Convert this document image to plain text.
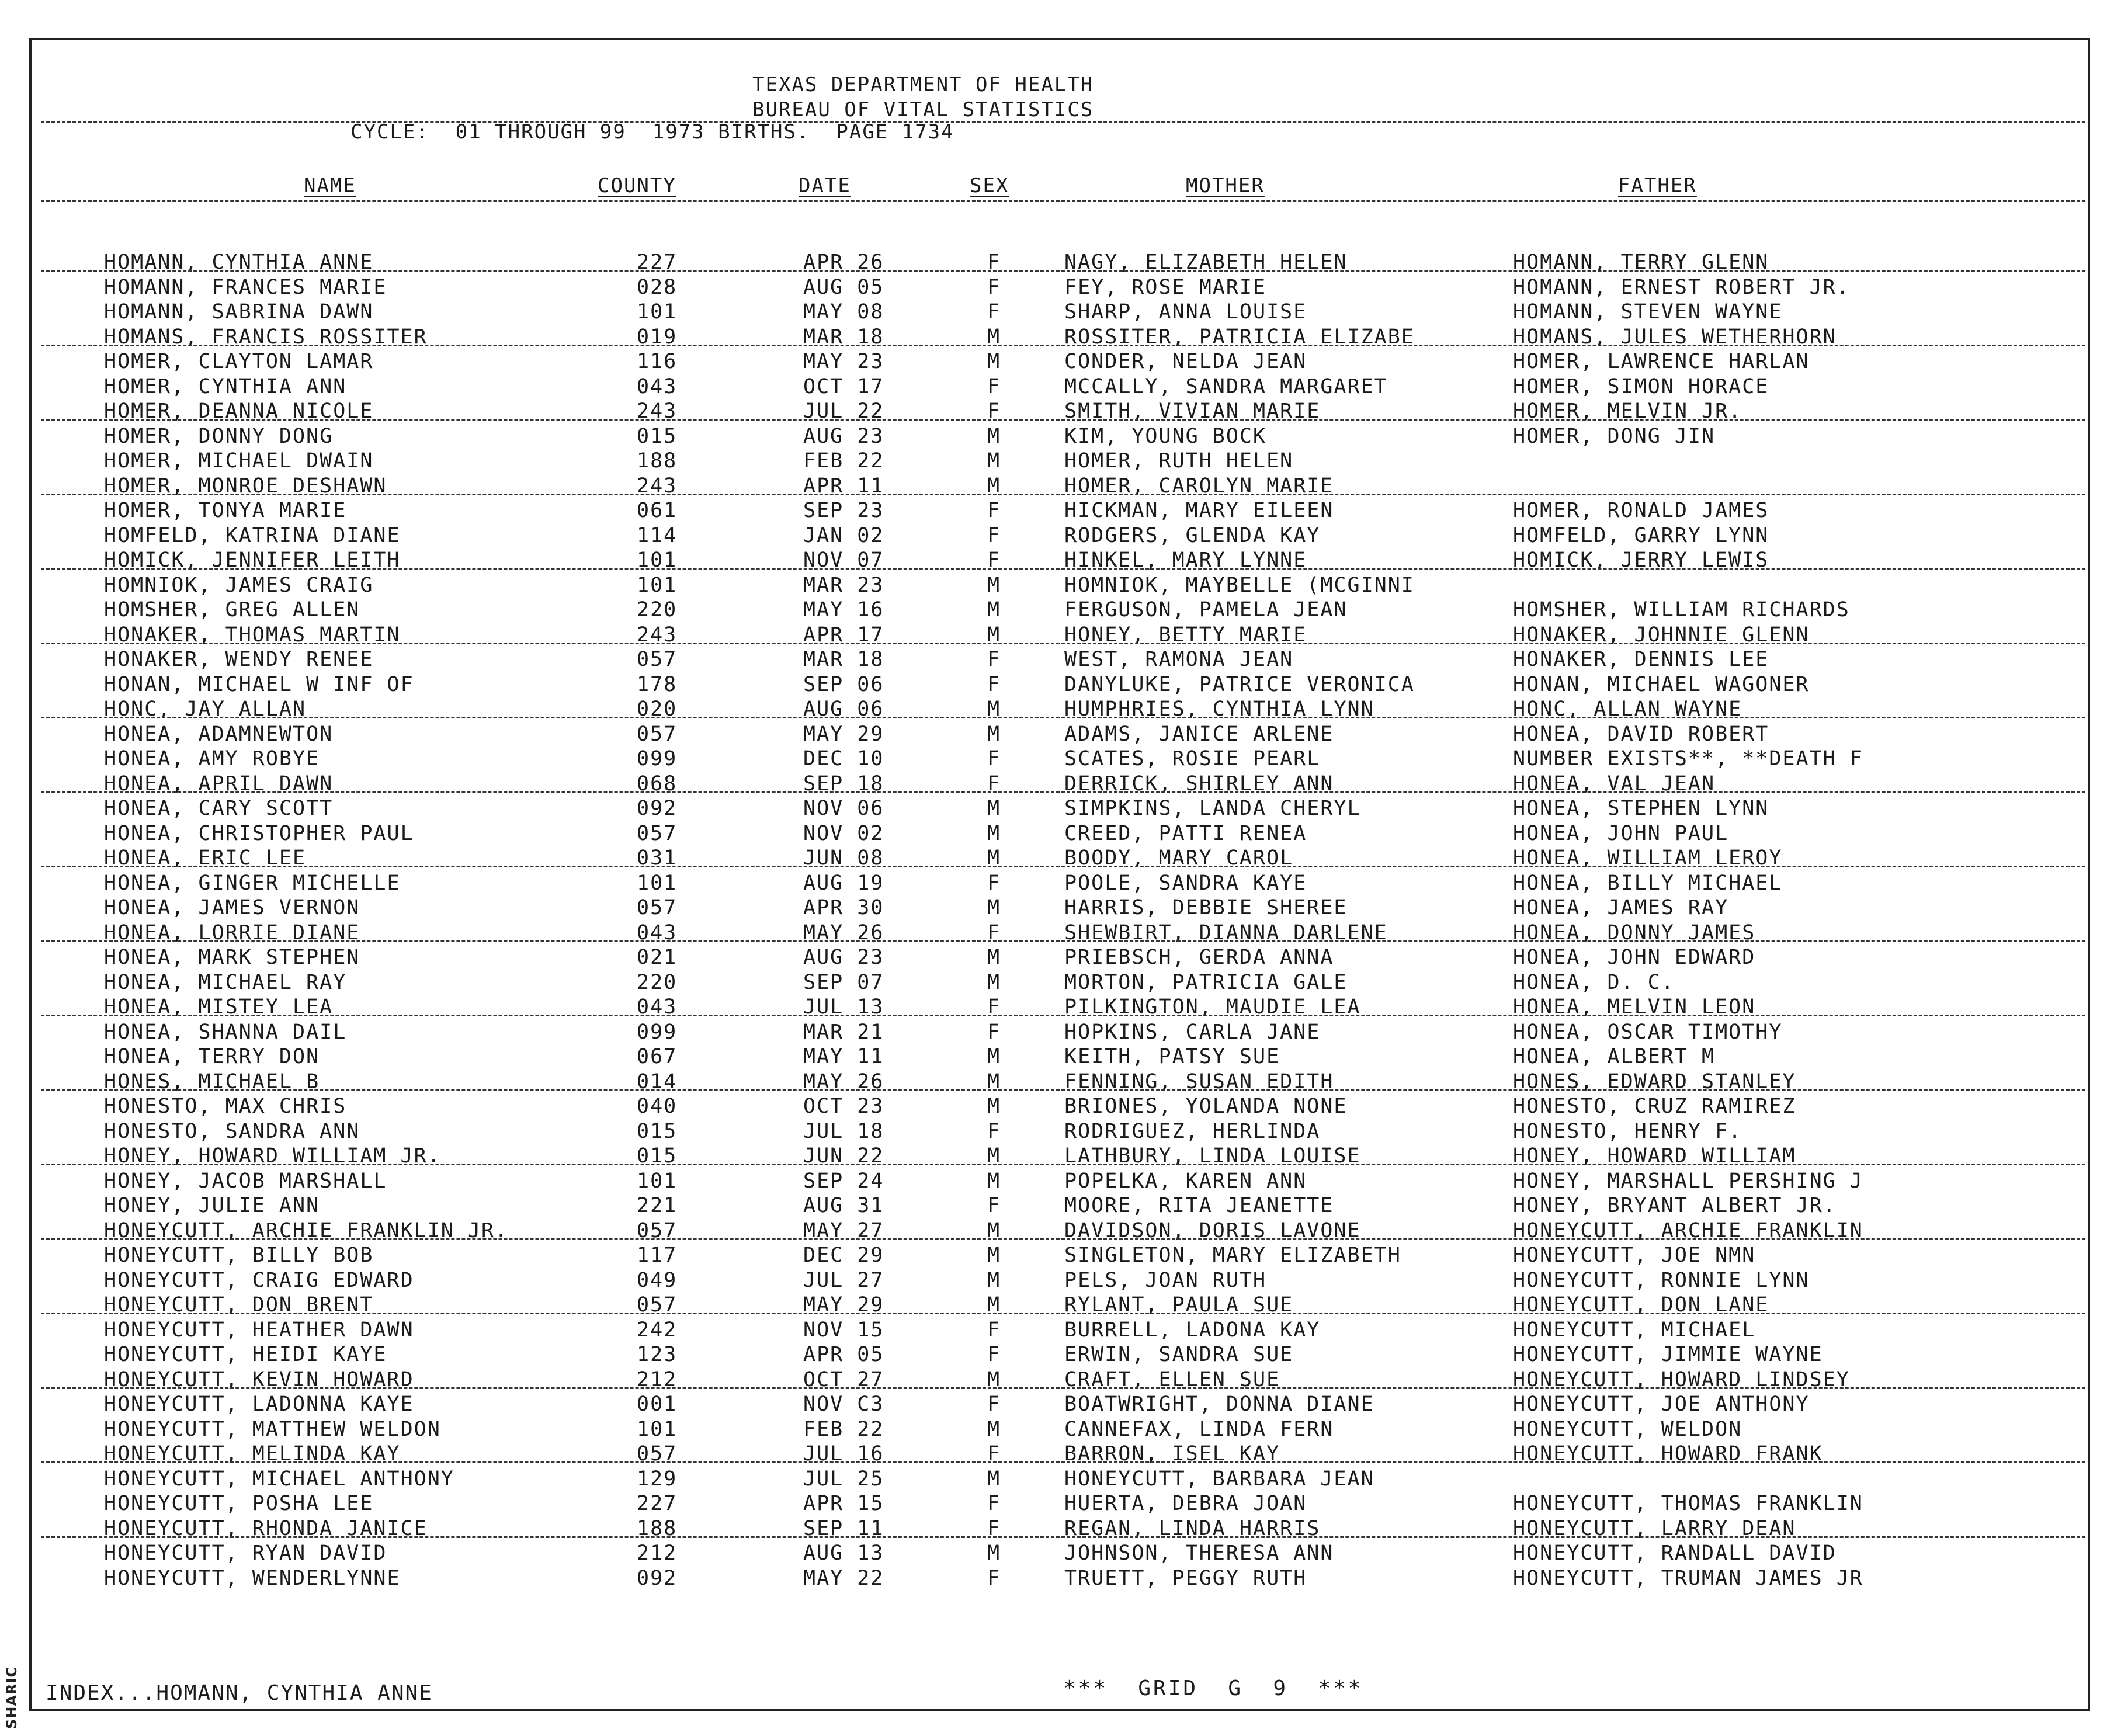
SHARIC
TEXAS DEPARTMENT OF HEALTH
BUREAU OF VITAL STATISTICS
CYCLE:  01 THROUGH 99  1973 BIRTHS.  PAGE 1734
NAME	COUNTY	DATE	SEX	MOTHER	FATHER
HOMANN, CYNTHIA ANNE	227	APR 26	F	NAGY, ELIZABETH HELEN	HOMANN, TERRY GLENN
HOMANN, FRANCES MARIE	028	AUG 05	F	FEY, ROSE MARIE	HOMANN, ERNEST ROBERT JR.
HOMANN, SABRINA DAWN	101	MAY 08	F	SHARP, ANNA LOUISE	HOMANN, STEVEN WAYNE
HOMANS, FRANCIS ROSSITER	019	MAR 18	M	ROSSITER, PATRICIA ELIZABE	HOMANS, JULES WETHERHORN
HOMER, CLAYTON LAMAR	116	MAY 23	M	CONDER, NELDA JEAN	HOMER, LAWRENCE HARLAN
HOMER, CYNTHIA ANN	043	OCT 17	F	MCCALLY, SANDRA MARGARET	HOMER, SIMON HORACE
HOMER, DEANNA NICOLE	243	JUL 22	F	SMITH, VIVIAN MARIE	HOMER, MELVIN JR.
HOMER, DONNY DONG	015	AUG 23	M	KIM, YOUNG BOCK	HOMER, DONG JIN
HOMER, MICHAEL DWAIN	188	FEB 22	M	HOMER, RUTH HELEN
HOMER, MONROE DESHAWN	243	APR 11	M	HOMER, CAROLYN MARIE
HOMER, TONYA MARIE	061	SEP 23	F	HICKMAN, MARY EILEEN	HOMER, RONALD JAMES
HOMFELD, KATRINA DIANE	114	JAN 02	F	RODGERS, GLENDA KAY	HOMFELD, GARRY LYNN
HOMICK, JENNIFER LEITH	101	NOV 07	F	HINKEL, MARY LYNNE	HOMICK, JERRY LEWIS
HOMNIOK, JAMES CRAIG	101	MAR 23	M	HOMNIOK, MAYBELLE (MCGINNI
HOMSHER, GREG ALLEN	220	MAY 16	M	FERGUSON, PAMELA JEAN	HOMSHER, WILLIAM RICHARDS
HONAKER, THOMAS MARTIN	243	APR 17	M	HONEY, BETTY MARIE	HONAKER, JOHNNIE GLENN
HONAKER, WENDY RENEE	057	MAR 18	F	WEST, RAMONA JEAN	HONAKER, DENNIS LEE
HONAN, MICHAEL W INF OF	178	SEP 06	F	DANYLUKE, PATRICE VERONICA	HONAN, MICHAEL WAGONER
HONC, JAY ALLAN	020	AUG 06	M	HUMPHRIES, CYNTHIA LYNN	HONC, ALLAN WAYNE
HONEA, ADAMNEWTON	057	MAY 29	M	ADAMS, JANICE ARLENE	HONEA, DAVID ROBERT
HONEA, AMY ROBYE	099	DEC 10	F	SCATES, ROSIE PEARL	NUMBER EXISTS**, **DEATH F
HONEA, APRIL DAWN	068	SEP 18	F	DERRICK, SHIRLEY ANN	HONEA, VAL JEAN
HONEA, CARY SCOTT	092	NOV 06	M	SIMPKINS, LANDA CHERYL	HONEA, STEPHEN LYNN
HONEA, CHRISTOPHER PAUL	057	NOV 02	M	CREED, PATTI RENEA	HONEA, JOHN PAUL
HONEA, ERIC LEE	031	JUN 08	M	BOODY, MARY CAROL	HONEA, WILLIAM LEROY
HONEA, GINGER MICHELLE	101	AUG 19	F	POOLE, SANDRA KAYE	HONEA, BILLY MICHAEL
HONEA, JAMES VERNON	057	APR 30	M	HARRIS, DEBBIE SHEREE	HONEA, JAMES RAY
HONEA, LORRIE DIANE	043	MAY 26	F	SHEWBIRT, DIANNA DARLENE	HONEA, DONNY JAMES
HONEA, MARK STEPHEN	021	AUG 23	M	PRIEBSCH, GERDA ANNA	HONEA, JOHN EDWARD
HONEA, MICHAEL RAY	220	SEP 07	M	MORTON, PATRICIA GALE	HONEA, D. C.
HONEA, MISTEY LEA	043	JUL 13	F	PILKINGTON, MAUDIE LEA	HONEA, MELVIN LEON
HONEA, SHANNA DAIL	099	MAR 21	F	HOPKINS, CARLA JANE	HONEA, OSCAR TIMOTHY
HONEA, TERRY DON	067	MAY 11	M	KEITH, PATSY SUE	HONEA, ALBERT M
HONES, MICHAEL B	014	MAY 26	M	FENNING, SUSAN EDITH	HONES, EDWARD STANLEY
HONESTO, MAX CHRIS	040	OCT 23	M	BRIONES, YOLANDA NONE	HONESTO, CRUZ RAMIREZ
HONESTO, SANDRA ANN	015	JUL 18	F	RODRIGUEZ, HERLINDA	HONESTO, HENRY F.
HONEY, HOWARD WILLIAM JR.	015	JUN 22	M	LATHBURY, LINDA LOUISE	HONEY, HOWARD WILLIAM
HONEY, JACOB MARSHALL	101	SEP 24	M	POPELKA, KAREN ANN	HONEY, MARSHALL PERSHING J
HONEY, JULIE ANN	221	AUG 31	F	MOORE, RITA JEANETTE	HONEY, BRYANT ALBERT JR.
HONEYCUTT, ARCHIE FRANKLIN JR.	057	MAY 27	M	DAVIDSON, DORIS LAVONE	HONEYCUTT, ARCHIE FRANKLIN
HONEYCUTT, BILLY BOB	117	DEC 29	M	SINGLETON, MARY ELIZABETH	HONEYCUTT, JOE NMN
HONEYCUTT, CRAIG EDWARD	049	JUL 27	M	PELS, JOAN RUTH	HONEYCUTT, RONNIE LYNN
HONEYCUTT, DON BRENT	057	MAY 29	M	RYLANT, PAULA SUE	HONEYCUTT, DON LANE
HONEYCUTT, HEATHER DAWN	242	NOV 15	F	BURRELL, LADONA KAY	HONEYCUTT, MICHAEL
HONEYCUTT, HEIDI KAYE	123	APR 05	F	ERWIN, SANDRA SUE	HONEYCUTT, JIMMIE WAYNE
HONEYCUTT, KEVIN HOWARD	212	OCT 27	M	CRAFT, ELLEN SUE	HONEYCUTT, HOWARD LINDSEY
HONEYCUTT, LADONNA KAYE	001	NOV C3	F	BOATWRIGHT, DONNA DIANE	HONEYCUTT, JOE ANTHONY
HONEYCUTT, MATTHEW WELDON	101	FEB 22	M	CANNEFAX, LINDA FERN	HONEYCUTT, WELDON
HONEYCUTT, MELINDA KAY	057	JUL 16	F	BARRON, ISEL KAY	HONEYCUTT, HOWARD FRANK
HONEYCUTT, MICHAEL ANTHONY	129	JUL 25	M	HONEYCUTT, BARBARA JEAN
HONEYCUTT, POSHA LEE	227	APR 15	F	HUERTA, DEBRA JOAN	HONEYCUTT, THOMAS FRANKLIN
HONEYCUTT, RHONDA JANICE	188	SEP 11	F	REGAN, LINDA HARRIS	HONEYCUTT, LARRY DEAN
HONEYCUTT, RYAN DAVID	212	AUG 13	M	JOHNSON, THERESA ANN	HONEYCUTT, RANDALL DAVID
HONEYCUTT, WENDERLYNNE	092	MAY 22	F	TRUETT, PEGGY RUTH	HONEYCUTT, TRUMAN JAMES JR
INDEX...HOMANN, CYNTHIA ANNE	***  GRID  G  9  ***
